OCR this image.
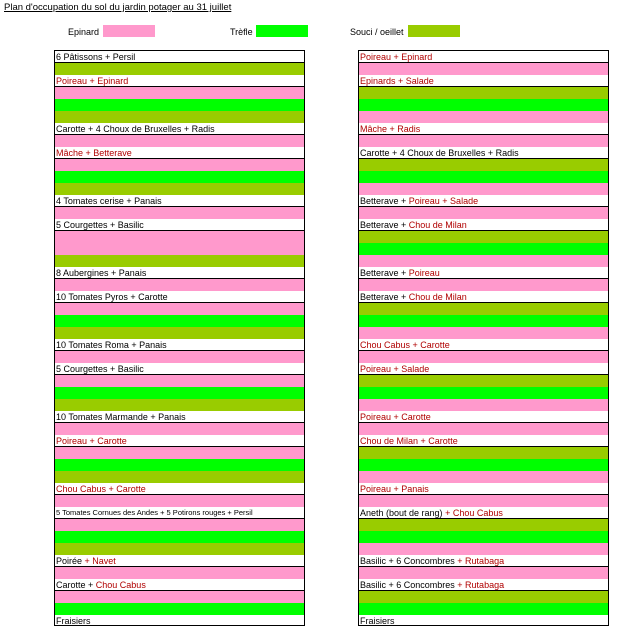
Plan d'occupation du sol du jardin potager au 31 juillet
Epinard	Trèfle	Souci / oeillet
6 Pâtissons + Persil
Poireau + Epinard
Carotte + 4 Choux de Bruxelles + Radis
Mâche + Betterave
4 Tomates cerise + Panais
5 Courgettes + Basilic
8 Aubergines + Panais
10 Tomates Pyros + Carotte
10 Tomates Roma + Panais
5 Courgettes + Basilic
10 Tomates Marmande + Panais
Poireau + Carotte
Chou Cabus + Carotte
5 Tomates Cornues des Andes + 5 Potirons rouges + Persil
Poirée + Navet
Carotte + Chou Cabus
Fraisiers
Poireau + Epinard
Epinards + Salade
Mâche + Radis
Carotte + 4 Choux de Bruxelles + Radis
Betterave + Poireau + Salade
Betterave + Chou de Milan
Betterave + Poireau
Betterave + Chou de Milan
Chou Cabus + Carotte
Poireau + Salade
Poireau + Carotte
Chou de Milan + Carotte
Poireau + Panais
Aneth (bout de rang) + Chou Cabus
Basilic + 6 Concombres + Rutabaga
Basilic + 6 Concombres + Rutabaga
Fraisiers
